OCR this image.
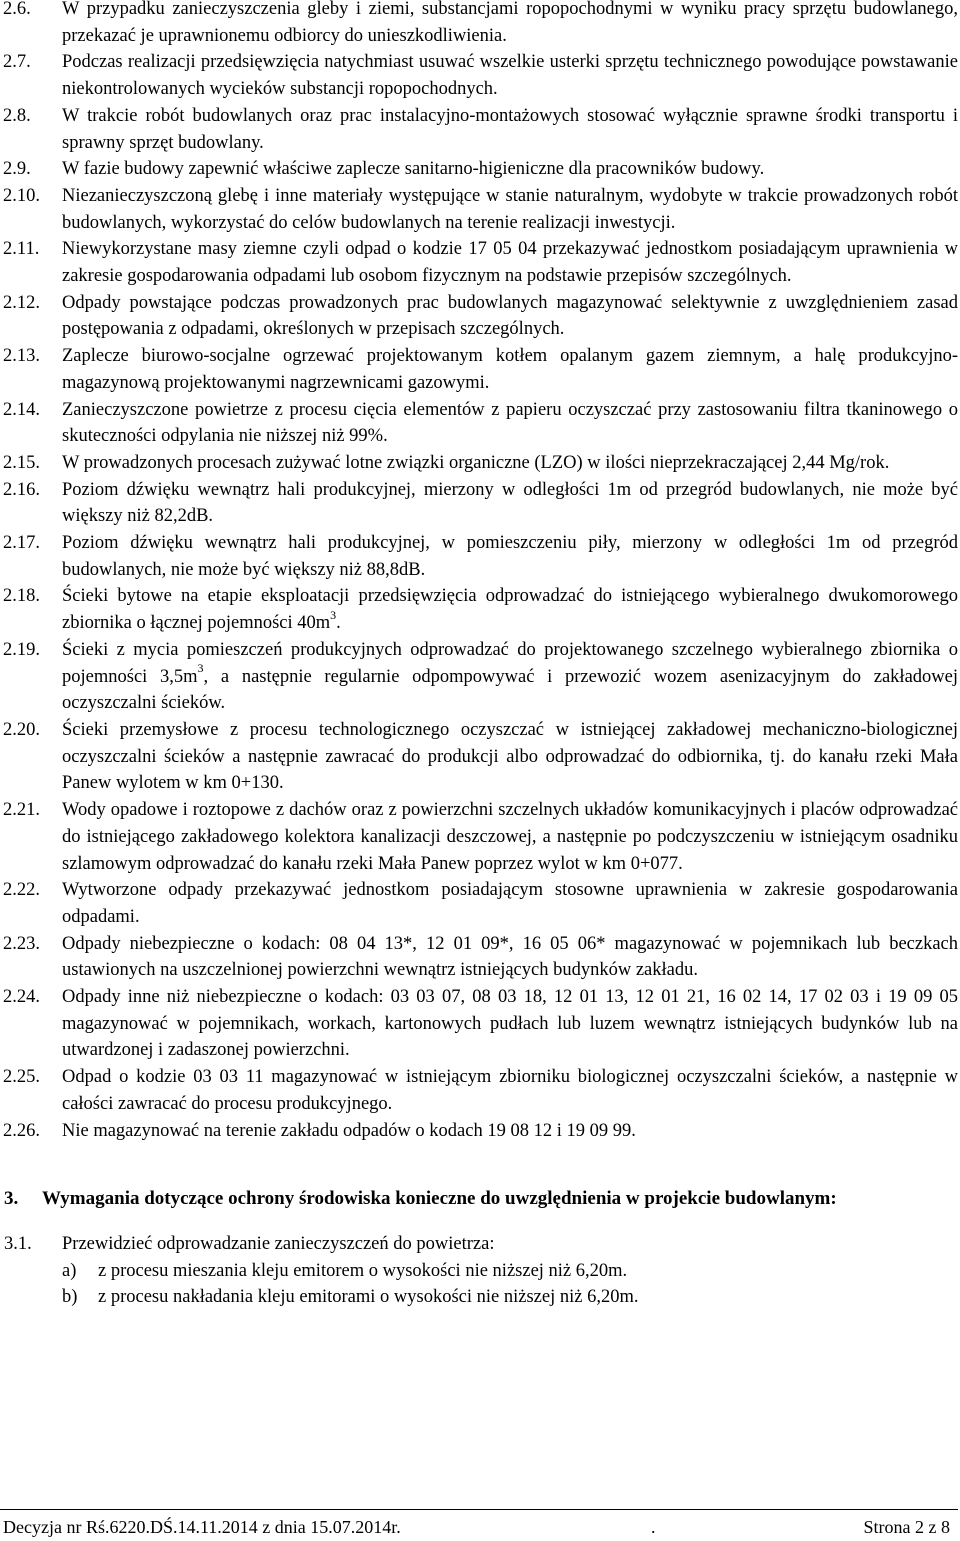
2.6. W przypadku zanieczyszczenia gleby i ziemi, substancjami ropopochodnymi w wyniku pracy sprzętu budowlanego, przekazać je uprawnionemu odbiorcy do unieszkodliwienia.
2.7. Podczas realizacji przedsięwzięcia natychmiast usuwać wszelkie usterki sprzętu technicznego powodujące powstawanie niekontrolowanych wycieków substancji ropopochodnych.
2.8. W trakcie robót budowlanych oraz prac instalacyjno-montażowych stosować wyłącznie sprawne środki transportu i sprawny sprzęt budowlany.
2.9. W fazie budowy zapewnić właściwe zaplecze sanitarno-higieniczne dla pracowników budowy.
2.10. Niezanieczyszczoną glebę i inne materiały występujące w stanie naturalnym, wydobyte w trakcie prowadzonych robót budowlanych, wykorzystać do celów budowlanych na terenie realizacji inwestycji.
2.11. Niewykorzystane masy ziemne czyli odpad o kodzie 17 05 04 przekazywać jednostkom posiadającym uprawnienia w zakresie gospodarowania odpadami lub osobom fizycznym na podstawie przepisów szczególnych.
2.12. Odpady powstające podczas prowadzonych prac budowlanych magazynować selektywnie z uwzględnieniem zasad postępowania z odpadami, określonych w przepisach szczególnych.
2.13. Zaplecze biurowo-socjalne ogrzewać projektowanym kotłem opalanym gazem ziemnym, a halę produkcyjno-magazynową projektowanymi nagrzewnicami gazowymi.
2.14. Zanieczyszczone powietrze z procesu cięcia elementów z papieru oczyszczać przy zastosowaniu filtra tkaninowego o skuteczności odpylania nie niższej niż 99%.
2.15. W prowadzonych procesach zużywać lotne związki organiczne (LZO) w ilości nieprzekraczającej 2,44 Mg/rok.
2.16. Poziom dźwięku wewnątrz hali produkcyjnej, mierzony w odległości 1m od przegród budowlanych, nie może być większy niż 82,2dB.
2.17. Poziom dźwięku wewnątrz hali produkcyjnej, w pomieszczeniu piły, mierzony w odległości 1m od przegród budowlanych, nie może być większy niż 88,8dB.
2.18. Ścieki bytowe na etapie eksploatacji przedsięwzięcia odprowadzać do istniejącego wybieralnego dwukomorowego zbiornika o łącznej pojemności $40m^3$.
2.19. Ścieki z mycia pomieszczeń produkcyjnych odprowadzać do projektowanego szczelnego wybieralnego zbiornika o pojemności $3,5m^3$, a następnie regularnie odpompowywać i przewozić wozem asenizacyjnym do zakładowej oczyszczalni ścieków.
2.20. Ścieki przemysłowe z procesu technologicznego oczyszczać w istniejącej zakładowej mechaniczno-biologicznej oczyszczalni ścieków a następnie zawracać do produkcji albo odprowadzać do odbiornika, tj. do kanału rzeki Mała Panew wylotem w km 0+130.
2.21. Wody opadowe i roztopowe z dachów oraz z powierzchni szczelnych układów komunikacyjnych i placów odprowadzać do istniejącego zakładowego kolektora kanalizacji deszczowej, a następnie po podczyszczeniu w istniejącym osadniku szlamowym odprowadzać do kanału rzeki Mała Panew poprzez wylot w km 0+077.
2.22. Wytworzone odpady przekazywać jednostkom posiadającym stosowne uprawnienia w zakresie gospodarowania odpadami.
2.23. Odpady niebezpieczne o kodach: 08 04 13*, 12 01 09*, 16 05 06* magazynować w pojemnikach lub beczkach ustawionych na uszczelnionej powierzchni wewnątrz istniejących budynków zakładu.
2.24. Odpady inne niż niebezpieczne o kodach: 03 03 07, 08 03 18, 12 01 13, 12 01 21, 16 02 14, 17 02 03 i 19 09 05 magazynować w pojemnikach, workach, kartonowych pudłach lub luzem wewnątrz istniejących budynków lub na utwardzonej i zadaszonej powierzchni.
2.25. Odpad o kodzie 03 03 11 magazynować w istniejącym zbiorniku biologicznej oczyszczalni ścieków, a następnie w całości zawracać do procesu produkcyjnego.
2.26. Nie magazynować na terenie zakładu odpadów o kodach 19 08 12 i 19 09 99.
3. Wymagania dotyczące ochrony środowiska konieczne do uwzględnienia w projekcie budowlanym:
3.1. Przewidzieć odprowadzanie zanieczyszczeń do powietrza:
a) z procesu mieszania kleju emitorem o wysokości nie niższej niż 6,20m.
b) z procesu nakładania kleju emitorami o wysokości nie niższej niż 6,20m.
Decyzja nr Rś.6220.DŚ.14.11.2014 z dnia 15.07.2014r.	.	Strona 2 z 8
